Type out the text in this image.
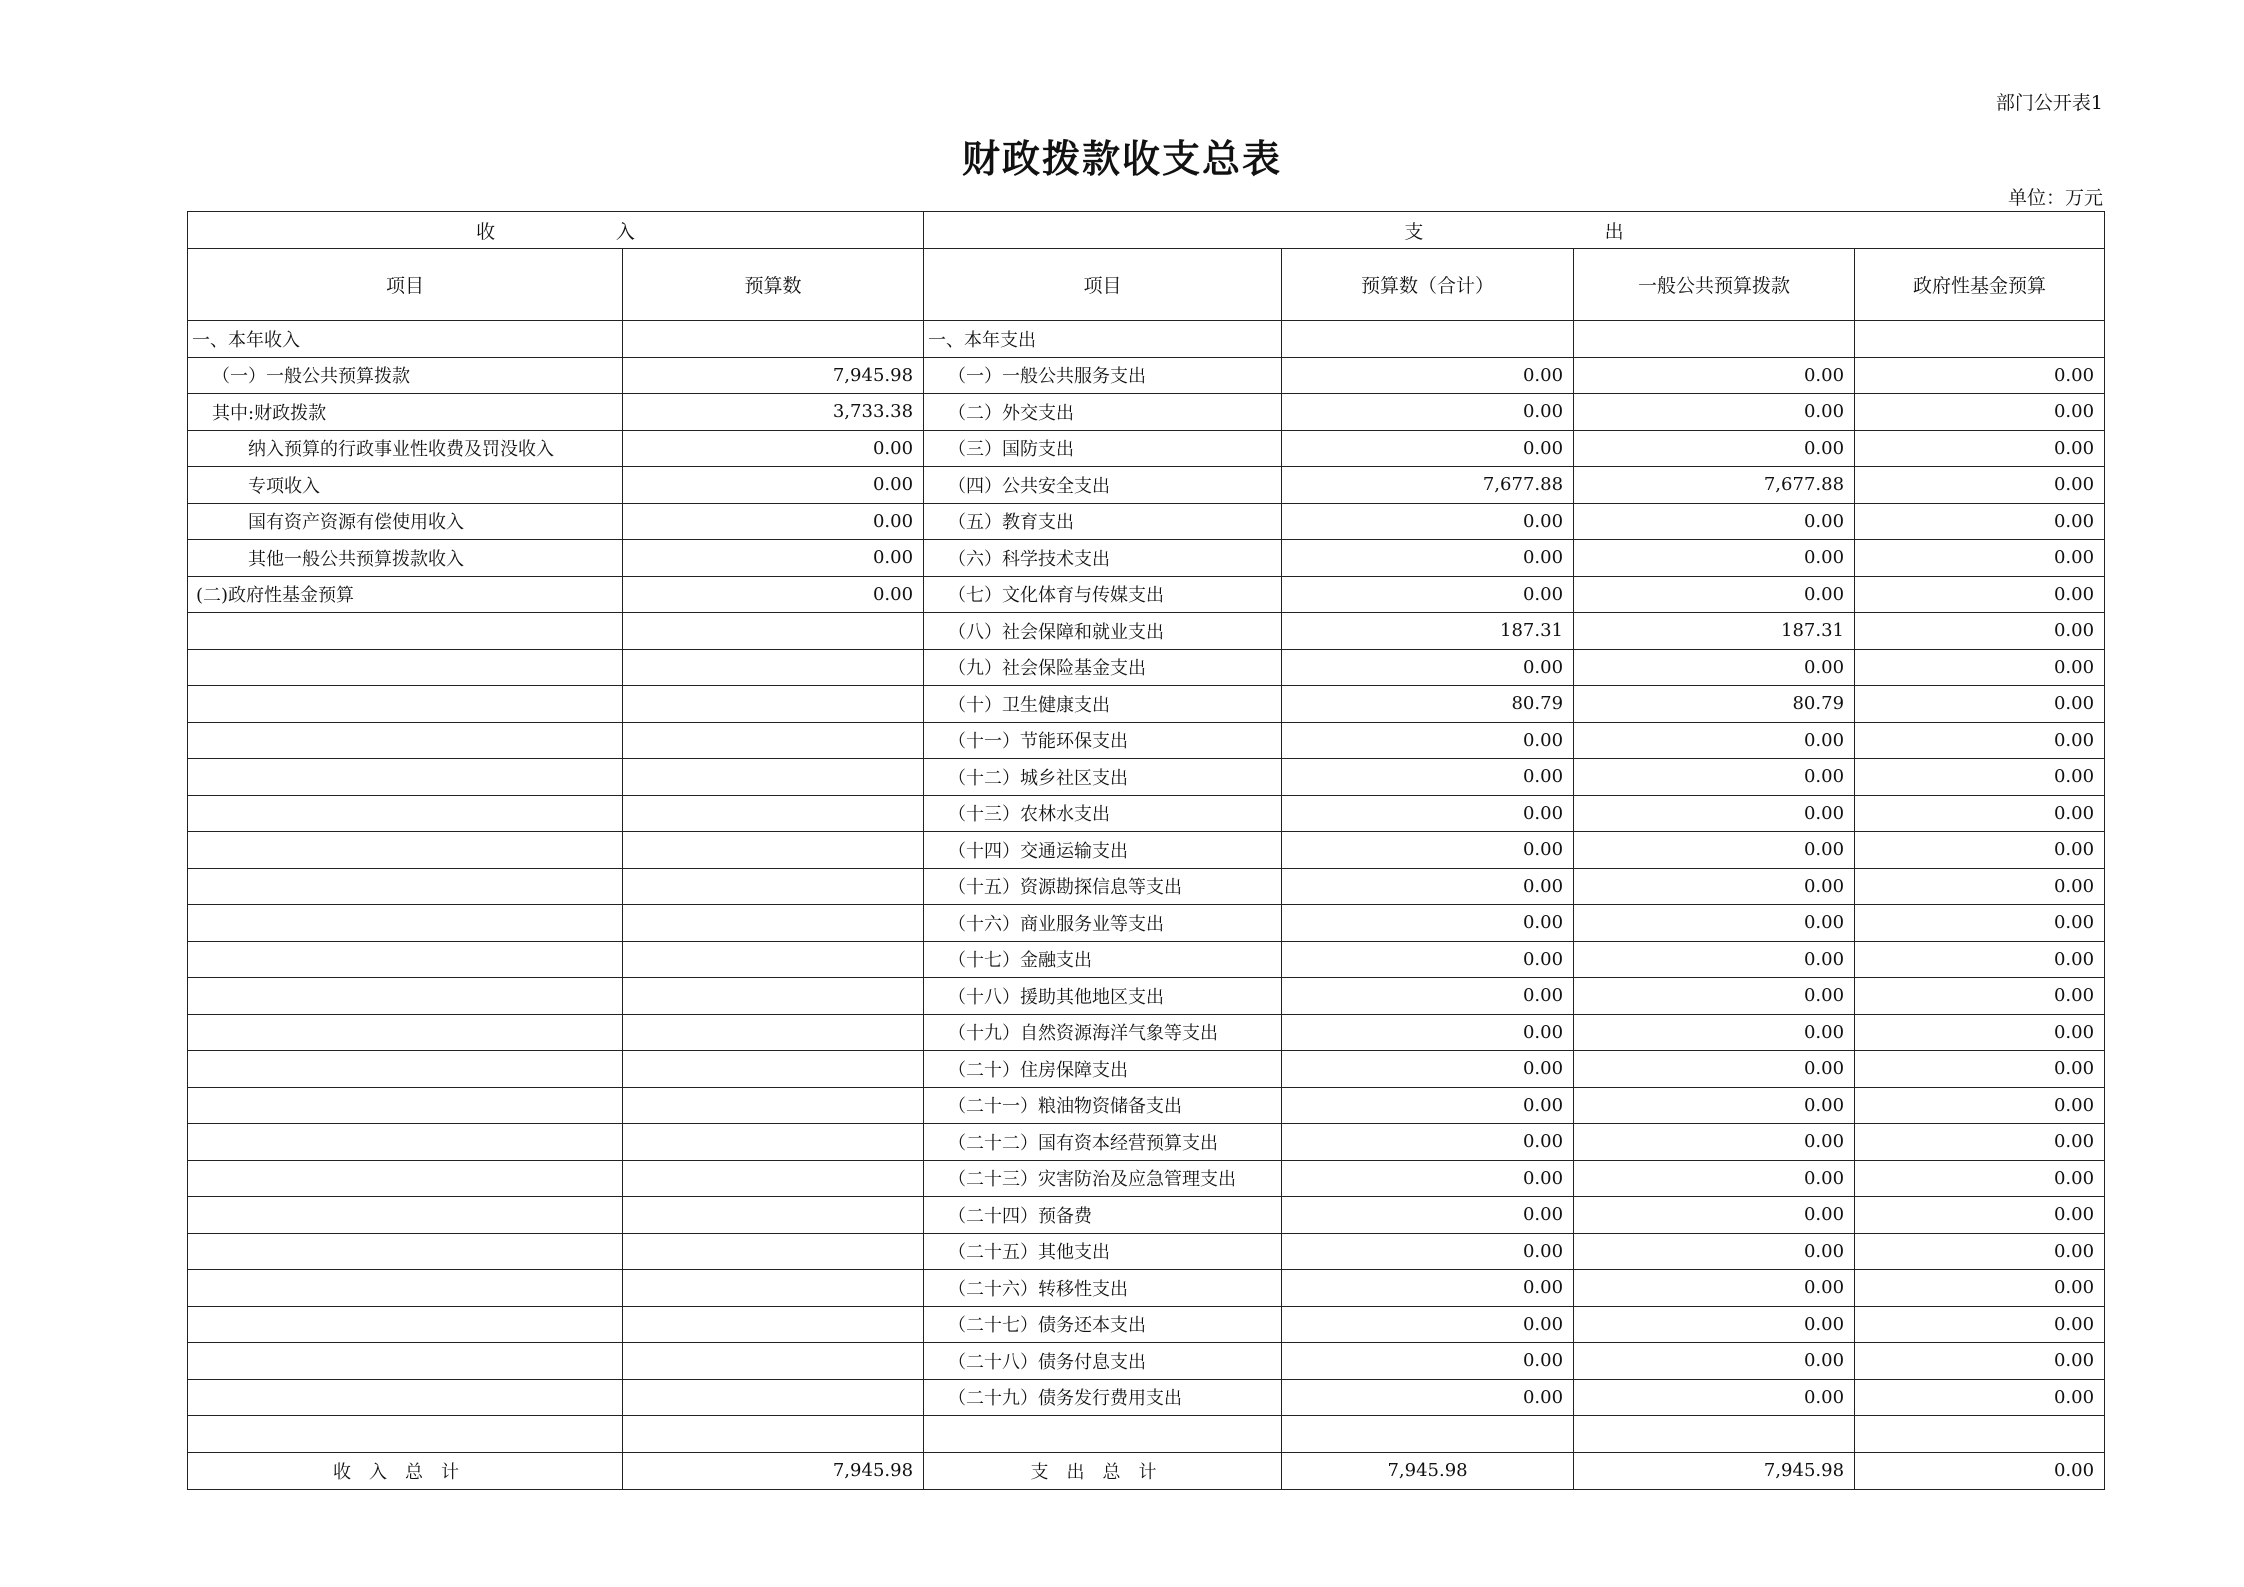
部门公开表1
财政拨款收支总表
单位：万元
收                    入		支                              出			
项目	预算数	项目	预算数（合计）	一般公共预算拨款	政府性基金预算
一、本年收入		一、本年支出			
（一）一般公共预算拨款	7,945.98	（一）一般公共服务支出	0.00	0.00	0.00
其中:财政拨款	3,733.38	（二）外交支出	0.00	0.00	0.00
纳入预算的行政事业性收费及罚没收入	0.00	（三）国防支出	0.00	0.00	0.00
专项收入	0.00	（四）公共安全支出	7,677.88	7,677.88	0.00
国有资产资源有偿使用收入	0.00	（五）教育支出	0.00	0.00	0.00
其他一般公共预算拨款收入	0.00	（六）科学技术支出	0.00	0.00	0.00
(二)政府性基金预算	0.00	（七）文化体育与传媒支出	0.00	0.00	0.00
		（八）社会保障和就业支出	187.31	187.31	0.00
		（九）社会保险基金支出	0.00	0.00	0.00
		（十）卫生健康支出	80.79	80.79	0.00
		（十一）节能环保支出	0.00	0.00	0.00
		（十二）城乡社区支出	0.00	0.00	0.00
		（十三）农林水支出	0.00	0.00	0.00
		（十四）交通运输支出	0.00	0.00	0.00
		（十五）资源勘探信息等支出	0.00	0.00	0.00
		（十六）商业服务业等支出	0.00	0.00	0.00
		（十七）金融支出	0.00	0.00	0.00
		（十八）援助其他地区支出	0.00	0.00	0.00
		（十九）自然资源海洋气象等支出	0.00	0.00	0.00
		（二十）住房保障支出	0.00	0.00	0.00
		（二十一）粮油物资储备支出	0.00	0.00	0.00
		（二十二）国有资本经营预算支出	0.00	0.00	0.00
		（二十三）灾害防治及应急管理支出	0.00	0.00	0.00
		（二十四）预备费	0.00	0.00	0.00
		（二十五）其他支出	0.00	0.00	0.00
		（二十六）转移性支出	0.00	0.00	0.00
		（二十七）债务还本支出	0.00	0.00	0.00
		（二十八）债务付息支出	0.00	0.00	0.00
		（二十九）债务发行费用支出	0.00	0.00	0.00

收入总计	7,945.98	支出总计	7,945.98	7,945.98	0.00
